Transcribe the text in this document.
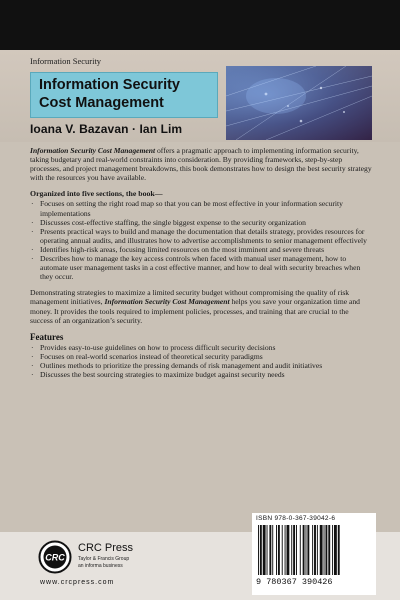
Information Security
Information Security
Cost Management
Ioana V. Bazavan · Ian Lim

Information Security Cost Management offers a pragmatic approach to implementing information security, taking budgetary and real-world constraints into consideration. By providing frameworks, step-by-step processes, and project management breakdowns, this book demonstrates how to design the best security strategy with the resources you have available.

Organized into five sections, the book—
· Focuses on setting the right road map so that you can be most effective in your information security implementations
· Discusses cost-effective staffing, the single biggest expense to the security organization
· Presents practical ways to build and manage the documentation that details strategy, provides resources for operating annual audits, and illustrates how to advertise accomplishments to senior management effectively
· Identifies high-risk areas, focusing limited resources on the most imminent and severe threats
· Describes how to manage the key access controls when faced with manual user management, how to automate user management tasks in a cost effective manner, and how to deal with security breaches when they occur.

Demonstrating strategies to maximize a limited security budget without compromising the quality of risk management initiatives, Information Security Cost Management helps you save your organization time and money. It provides the tools required to implement policies, processes, and training that are crucial to the success of an organization’s security.

Features
· Provides easy-to-use guidelines on how to process difficult security decisions
· Focuses on real-world scenarios instead of theoretical security paradigms
· Outlines methods to prioritize the pressing demands of risk management and audit initiatives
· Discusses the best sourcing strategies to maximize budget against security needs
CRC
CRC Press
Taylor & Francis Group
an informa business
www.crcpress.com
ISBN 978-0-367-39042-6
9 780367 390426
